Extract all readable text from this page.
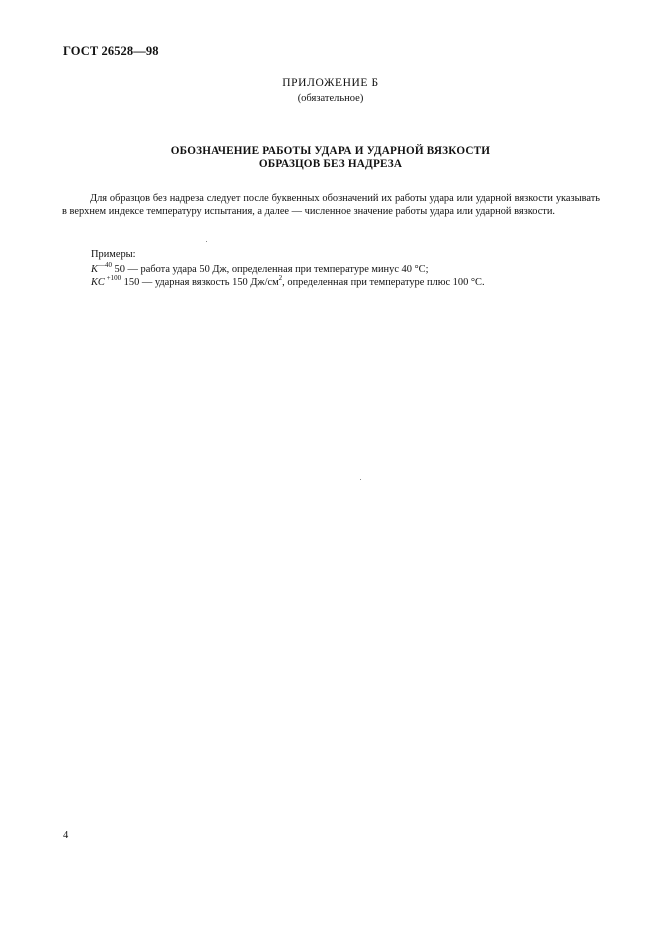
ГОСТ 26528—98
ПРИЛОЖЕНИЕ Б
(обязательное)
ОБОЗНАЧЕНИЕ РАБОТЫ УДАРА И УДАРНОЙ ВЯЗКОСТИ
ОБРАЗЦОВ БЕЗ НАДРЕЗА
Для образцов без надреза следует после буквенных обозначений их работы удара или ударной вязкости указывать в верхнем индексе температуру испытания, а далее — численное значение работы удара или ударной вязкости.
Примеры:
$K^{—40}$ 50 — работа удара 50 Дж, определенная при температуре минус 40 °С;
KC $^{+100}$ 150 — ударная вязкость 150 $Дж/см^2$, определенная при температуре плюс 100 °С.
4
